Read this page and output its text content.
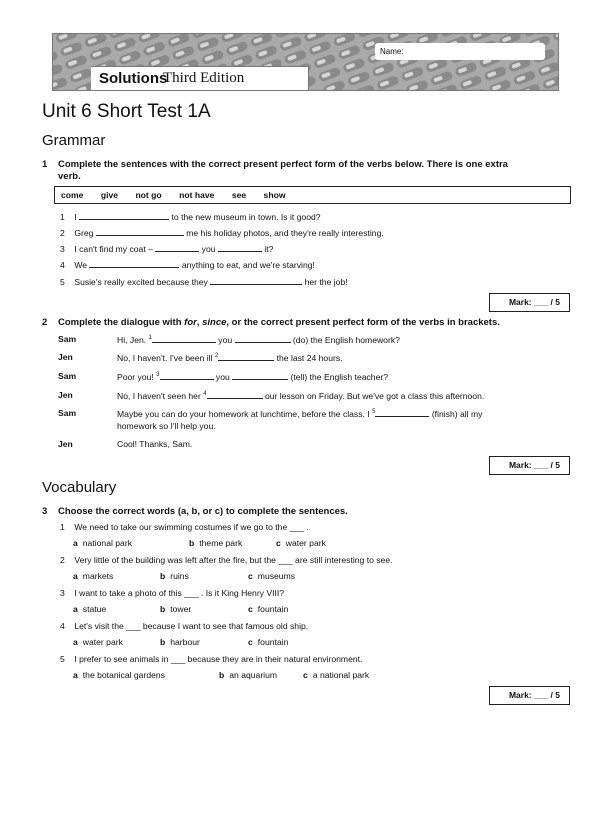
Name:
Solutions
Third Edition
Unit 6 Short Test 1A
Grammar
1 Complete the sentences with the correct present perfect form of the verbs below. There is one extra
verb.
come give not go not have see show
1 I	to the new museum in town. Is it good?
2 Greg	me his holiday photos, and they're really interesting.
3 I can't find my coat –	you	it?
4 We	anything to eat, and we're starving!
5 Susie's really excited because they	her the job!
Mark: ___ / 5
2 Complete the dialogue with for, since, or the correct present perfect form of the verbs in brackets.
Sam	Hi, Jen. $^1$	you	(do) the English homework?
Jen	No, I haven't. I've been ill $^2$	the last 24 hours.
Sam	Poor you! $^3$	you	(tell) the English teacher?
Jen	No, I haven't seen her $^4$	our lesson on Friday. But we've got a class this afternoon.
Sam	Maybe you can do your homework at lunchtime, before the class. I $^5$	(finish) all my
homework so I'll help you.
Jen	Cool! Thanks, Sam.
Mark: ___ / 5
Vocabulary
3 Choose the correct words (a, b, or c) to complete the sentences.
1 We need to take our swimming costumes if we go to the ___ .
a national park	b theme park	c water park
2 Very little of the building was left after the fire, but the ___ are still interesting to see.
a markets	b ruins	c museums
3 I want to take a photo of this ___ . Is it King Henry VIII?
a statue	b tower	c fountain
4 Let's visit the ___ because I want to see that famous old ship.
a water park	b harbour	c fountain
5 I prefer to see animals in ___ because they are in their natural environment.
a the botanical gardens	b an aquarium	c a national park
Mark: ___ / 5
